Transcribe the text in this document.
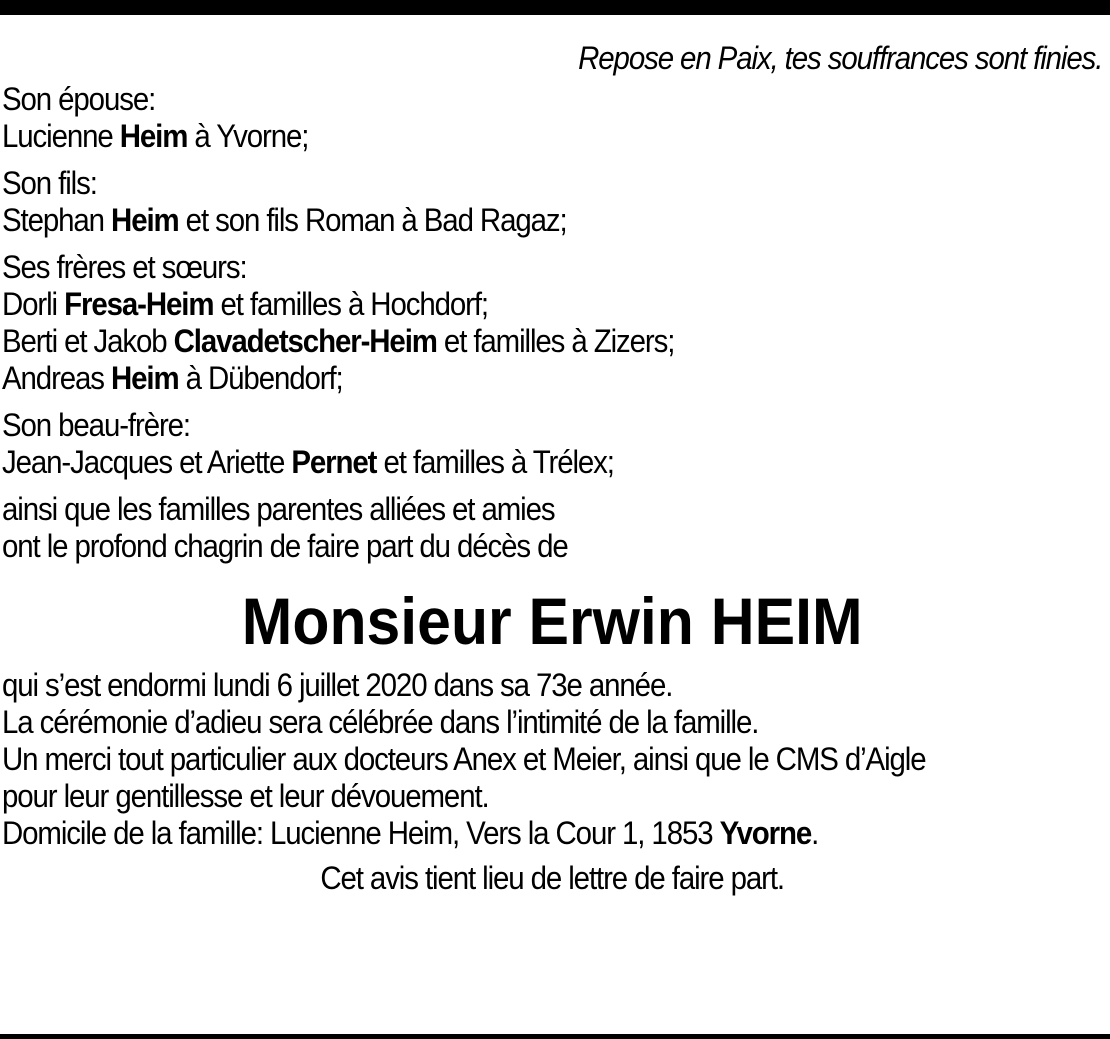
Repose en Paix, tes souffrances sont finies.
Son épouse:
Lucienne Heim à Yvorne;
Son fils:
Stephan Heim et son fils Roman à Bad Ragaz;
Ses frères et sœurs:
Dorli Fresa-Heim et familles à Hochdorf;
Berti et Jakob Clavadetscher-Heim et familles à Zizers;
Andreas Heim à Dübendorf;
Son beau-frère:
Jean-Jacques et Ariette Pernet et familles à Trélex;
ainsi que les familles parentes alliées et amies
ont le profond chagrin de faire part du décès de
Monsieur Erwin HEIM
qui s’est endormi lundi 6 juillet 2020 dans sa 73e année.
La cérémonie d’adieu sera célébrée dans l’intimité de la famille.
Un merci tout particulier aux docteurs Anex et Meier, ainsi que le CMS d’Aigle
pour leur gentillesse et leur dévouement.
Domicile de la famille: Lucienne Heim, Vers la Cour 1, 1853 Yvorne.
Cet avis tient lieu de lettre de faire part.
